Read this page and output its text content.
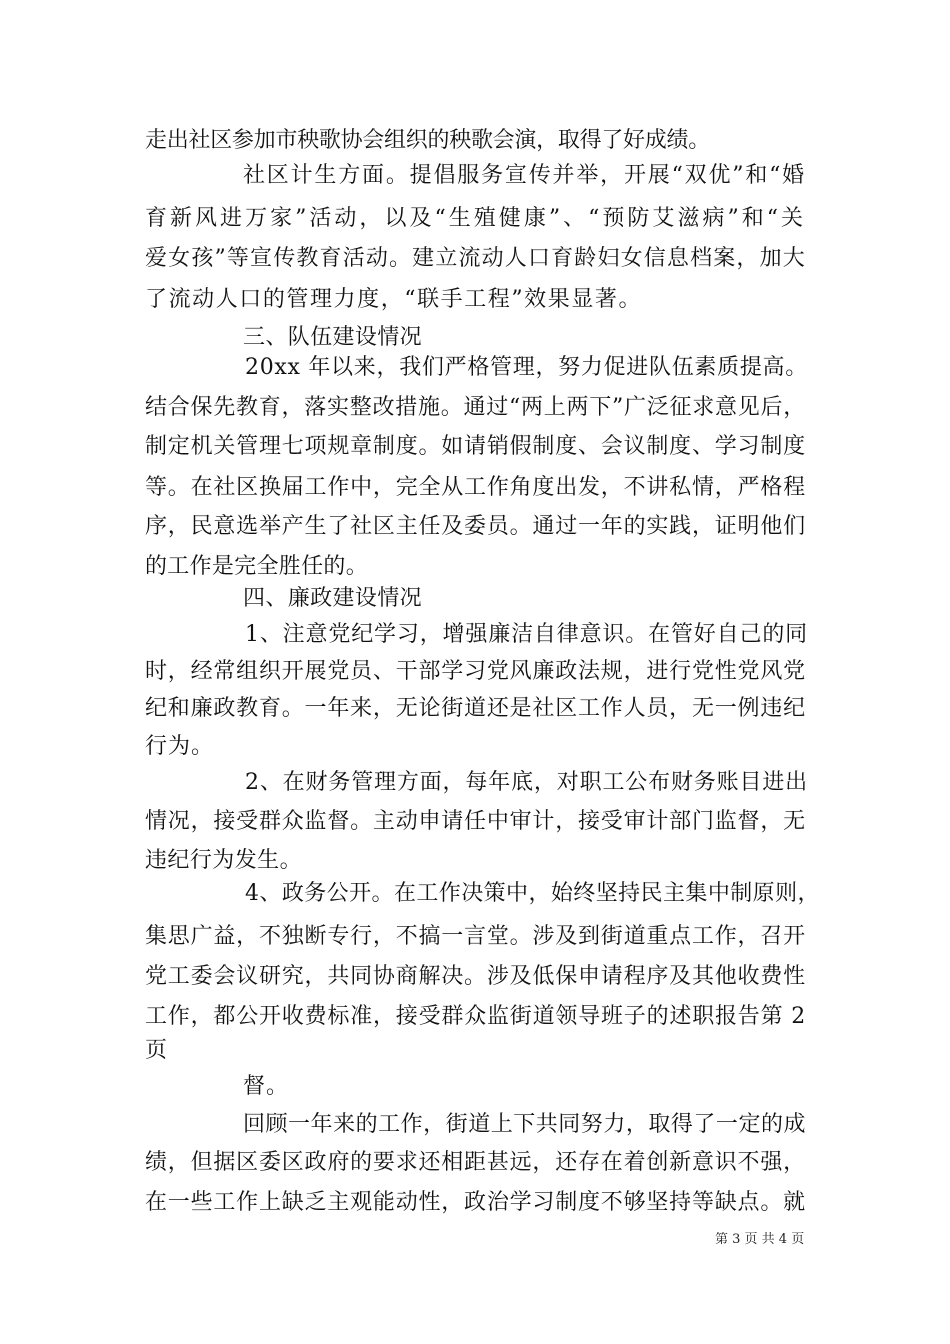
走出社区参加市秧歌协会组织的秧歌会演，取得了好成绩。
社区计生方面。提倡服务宣传并举，开展“双优”和“婚
育新风进万家”活动，以及“生殖健康”、“预防艾滋病”和“关
爱女孩”等宣传教育活动。建立流动人口育龄妇女信息档案，加大
了流动人口的管理力度，“联手工程”效果显著。
三、队伍建设情况
20xx 年以来，我们严格管理，努力促进队伍素质提高。
结合保先教育，落实整改措施。通过“两上两下”广泛征求意见后，
制定机关管理七项规章制度。如请销假制度、会议制度、学习制度
等。在社区换届工作中，完全从工作角度出发，不讲私情，严格程
序，民意选举产生了社区主任及委员。通过一年的实践，证明他们
的工作是完全胜任的。
四、廉政建设情况
1、注意党纪学习，增强廉洁自律意识。在管好自己的同
时，经常组织开展党员、干部学习党风廉政法规，进行党性党风党
纪和廉政教育。一年来，无论街道还是社区工作人员，无一例违纪
行为。
2、在财务管理方面，每年底，对职工公布财务账目进出
情况，接受群众监督。主动申请任中审计，接受审计部门监督，无
违纪行为发生。
4、政务公开。在工作决策中，始终坚持民主集中制原则，
集思广益，不独断专行，不搞一言堂。涉及到街道重点工作，召开
党工委会议研究，共同协商解决。涉及低保申请程序及其他收费性
工作，都公开收费标准，接受群众监街道领导班子的述职报告第 2
页
督。
回顾一年来的工作，街道上下共同努力，取得了一定的成
绩，但据区委区政府的要求还相距甚远，还存在着创新意识不强，
在一些工作上缺乏主观能动性，政治学习制度不够坚持等缺点。就
第 3 页 共 4 页
